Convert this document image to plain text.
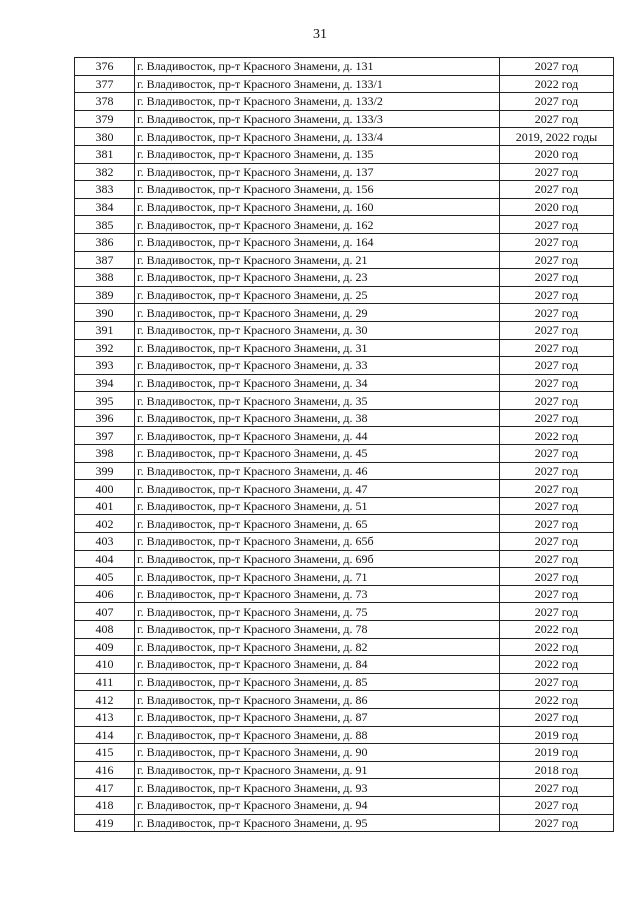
31
376	г. Владивосток, пр-т Красного Знамени, д. 131	2027 год
377	г. Владивосток, пр-т Красного Знамени, д. 133/1	2022 год
378	г. Владивосток, пр-т Красного Знамени, д. 133/2	2027 год
379	г. Владивосток, пр-т Красного Знамени, д. 133/3	2027 год
380	г. Владивосток, пр-т Красного Знамени, д. 133/4	2019, 2022 годы
381	г. Владивосток, пр-т Красного Знамени, д. 135	2020 год
382	г. Владивосток, пр-т Красного Знамени, д. 137	2027 год
383	г. Владивосток, пр-т Красного Знамени, д. 156	2027 год
384	г. Владивосток, пр-т Красного Знамени, д. 160	2020 год
385	г. Владивосток, пр-т Красного Знамени, д. 162	2027 год
386	г. Владивосток, пр-т Красного Знамени, д. 164	2027 год
387	г. Владивосток, пр-т Красного Знамени, д. 21	2027 год
388	г. Владивосток, пр-т Красного Знамени, д. 23	2027 год
389	г. Владивосток, пр-т Красного Знамени, д. 25	2027 год
390	г. Владивосток, пр-т Красного Знамени, д. 29	2027 год
391	г. Владивосток, пр-т Красного Знамени, д. 30	2027 год
392	г. Владивосток, пр-т Красного Знамени, д. 31	2027 год
393	г. Владивосток, пр-т Красного Знамени, д. 33	2027 год
394	г. Владивосток, пр-т Красного Знамени, д. 34	2027 год
395	г. Владивосток, пр-т Красного Знамени, д. 35	2027 год
396	г. Владивосток, пр-т Красного Знамени, д. 38	2027 год
397	г. Владивосток, пр-т Красного Знамени, д. 44	2022 год
398	г. Владивосток, пр-т Красного Знамени, д. 45	2027 год
399	г. Владивосток, пр-т Красного Знамени, д. 46	2027 год
400	г. Владивосток, пр-т Красного Знамени, д. 47	2027 год
401	г. Владивосток, пр-т Красного Знамени, д. 51	2027 год
402	г. Владивосток, пр-т Красного Знамени, д. 65	2027 год
403	г. Владивосток, пр-т Красного Знамени, д. 65б	2027 год
404	г. Владивосток, пр-т Красного Знамени, д. 69б	2027 год
405	г. Владивосток, пр-т Красного Знамени, д. 71	2027 год
406	г. Владивосток, пр-т Красного Знамени, д. 73	2027 год
407	г. Владивосток, пр-т Красного Знамени, д. 75	2027 год
408	г. Владивосток, пр-т Красного Знамени, д. 78	2022 год
409	г. Владивосток, пр-т Красного Знамени, д. 82	2022 год
410	г. Владивосток, пр-т Красного Знамени, д. 84	2022 год
411	г. Владивосток, пр-т Красного Знамени, д. 85	2027 год
412	г. Владивосток, пр-т Красного Знамени, д. 86	2022 год
413	г. Владивосток, пр-т Красного Знамени, д. 87	2027 год
414	г. Владивосток, пр-т Красного Знамени, д. 88	2019 год
415	г. Владивосток, пр-т Красного Знамени, д. 90	2019 год
416	г. Владивосток, пр-т Красного Знамени, д. 91	2018 год
417	г. Владивосток, пр-т Красного Знамени, д. 93	2027 год
418	г. Владивосток, пр-т Красного Знамени, д. 94	2027 год
419	г. Владивосток, пр-т Красного Знамени, д. 95	2027 год
